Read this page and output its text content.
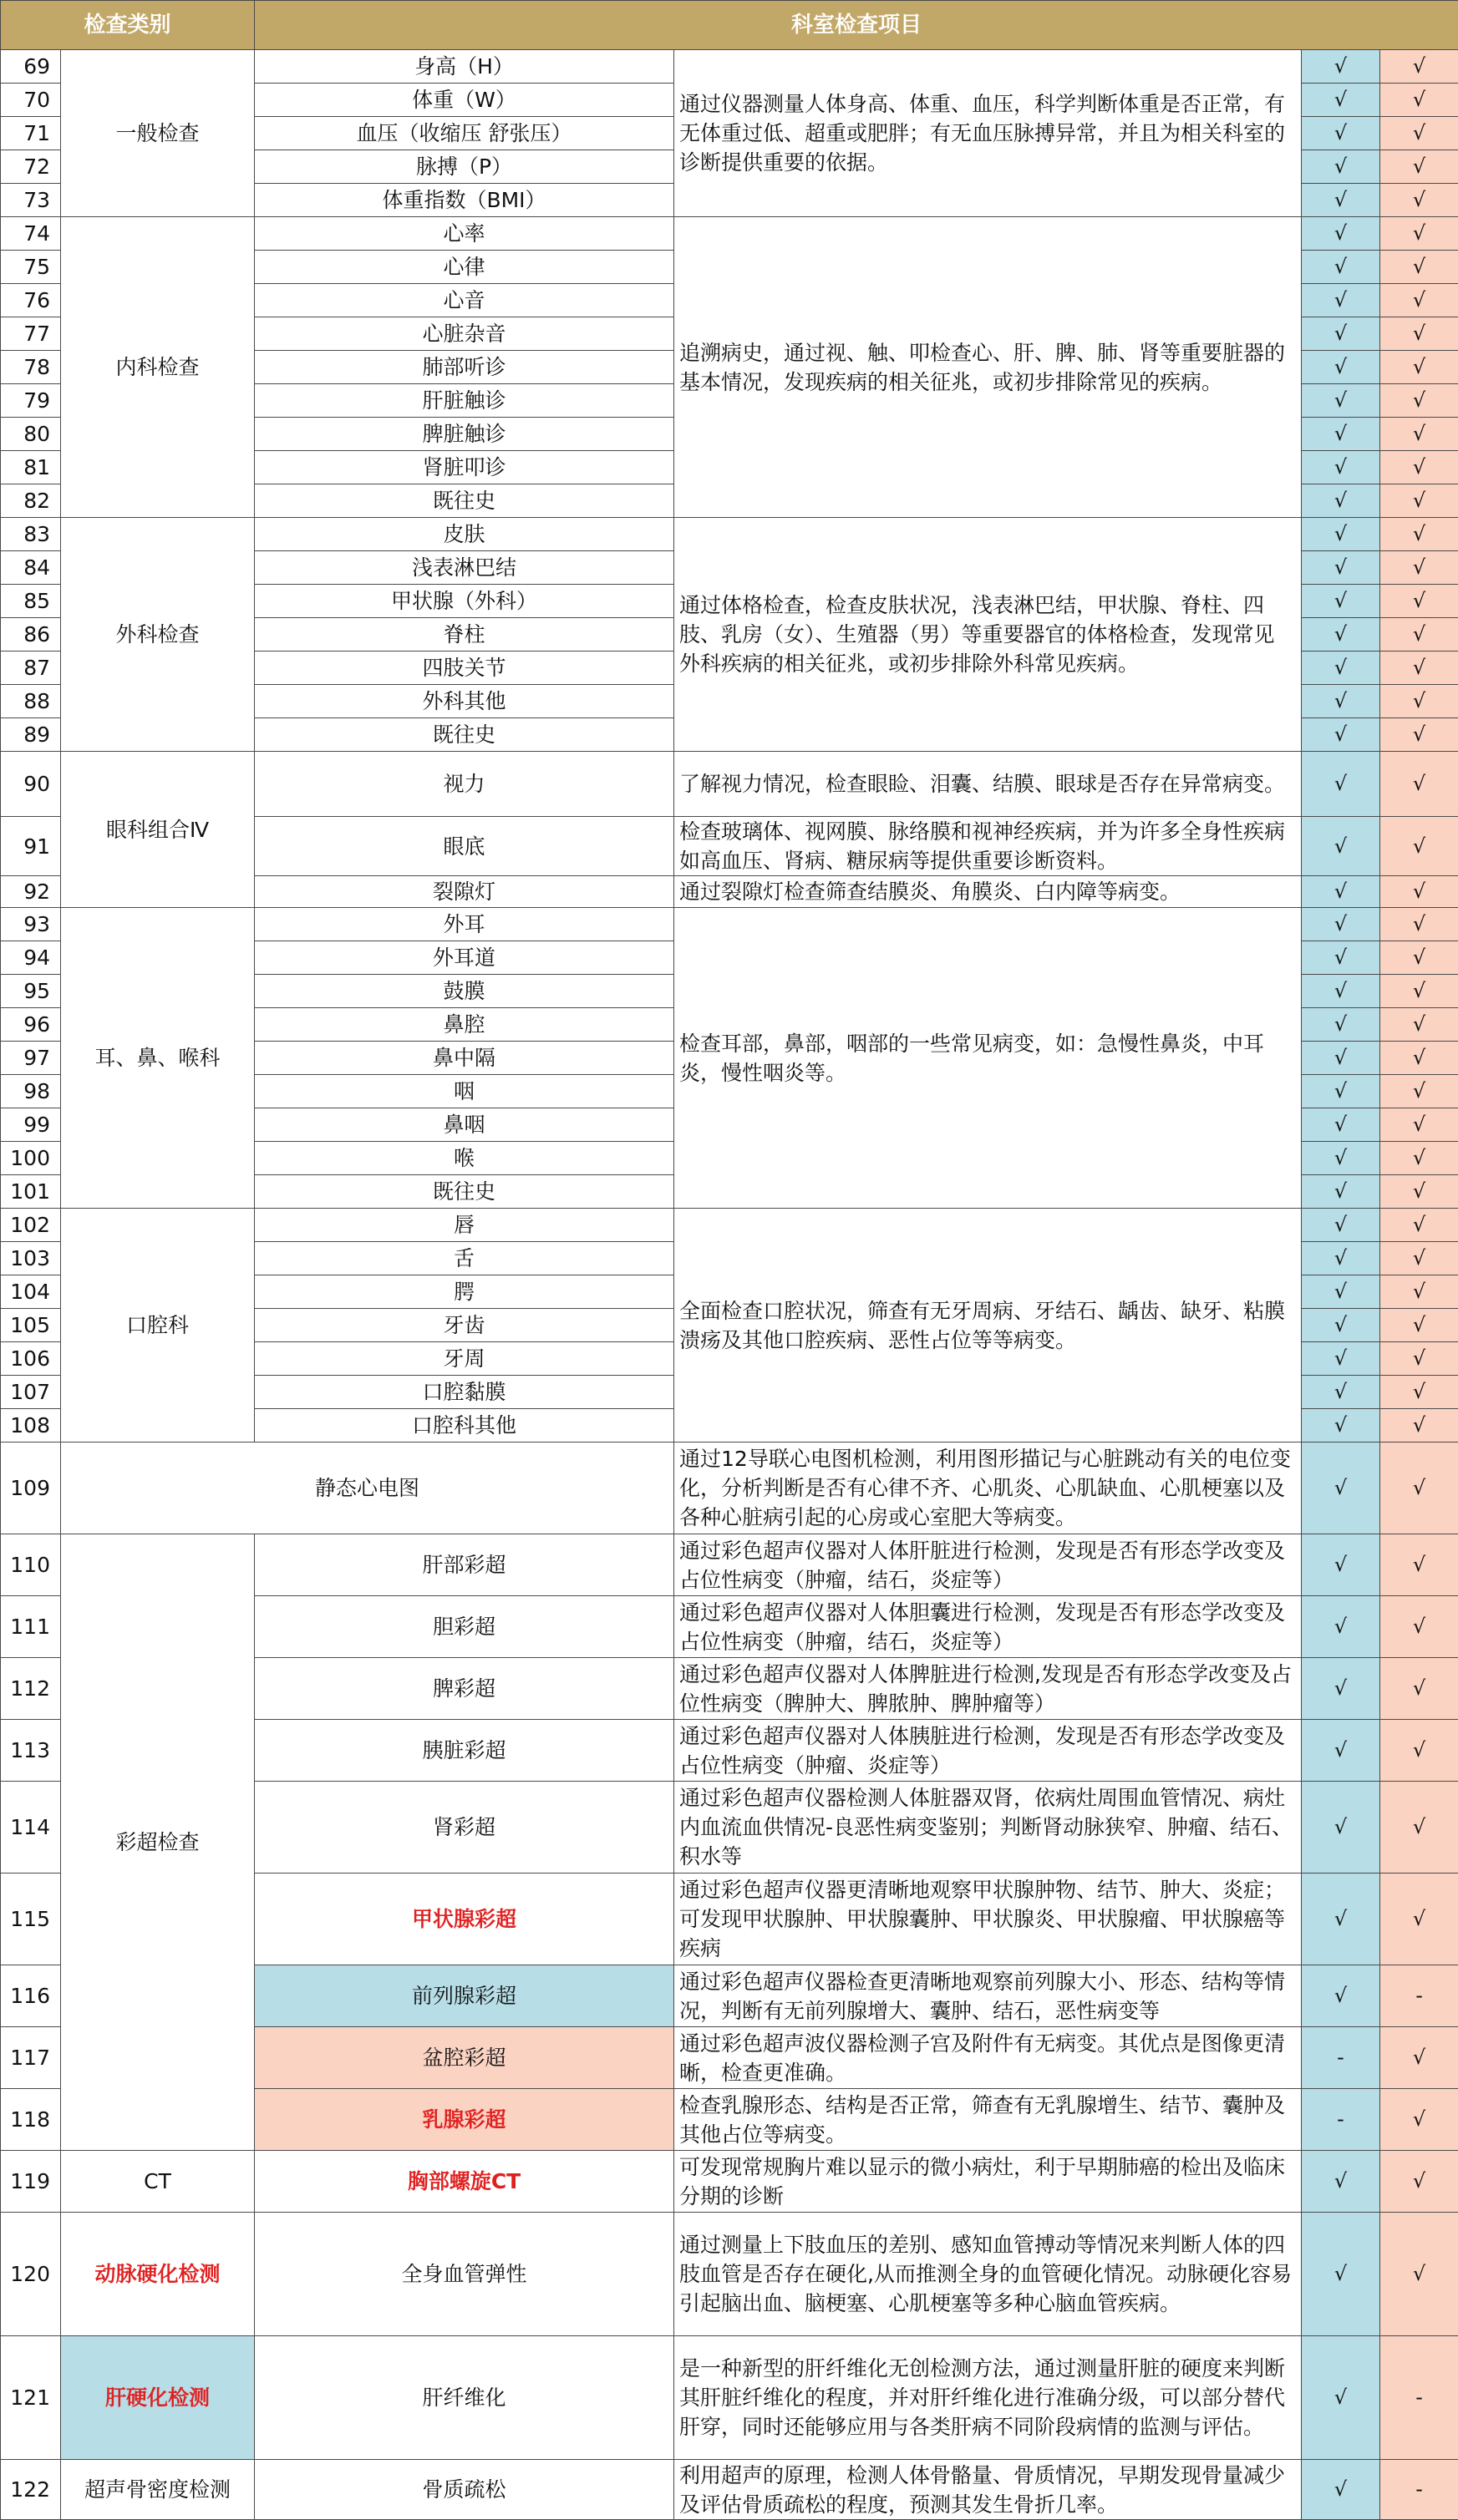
检查类别		科室检查项目			
69	一般检查	身高（H）	通过仪器测量人体身高、体重、血压，科学判断体重是否正常，有无体重过低、超重或肥胖；有无血压脉搏异常，并且为相关科室的诊断提供重要的依据。	√	√
70		体重（W）		√	√
71		血压（收缩压 舒张压）		√	√
72		脉搏（P）		√	√
73		体重指数（BMI）		√	√
74	内科检查	心率	追溯病史，通过视、触、叩检查心、肝、脾、肺、肾等重要脏器的基本情况，发现疾病的相关征兆，或初步排除常见的疾病。	√	√
75		心律		√	√
76		心音		√	√
77		心脏杂音		√	√
78		肺部听诊		√	√
79		肝脏触诊		√	√
80		脾脏触诊		√	√
81		肾脏叩诊		√	√
82		既往史		√	√
83	外科检查	皮肤	通过体格检查，检查皮肤状况，浅表淋巴结，甲状腺、脊柱、四肢、乳房（女）、生殖器（男）等重要器官的体格检查，发现常见外科疾病的相关征兆，或初步排除外科常见疾病。	√	√
84		浅表淋巴结		√	√
85		甲状腺（外科）		√	√
86		脊柱		√	√
87		四肢关节		√	√
88		外科其他		√	√
89		既往史		√	√
90	眼科组合Ⅳ	视力	了解视力情况，检查眼睑、泪囊、结膜、眼球是否存在异常病变。	√	√
91		眼底	检查玻璃体、视网膜、脉络膜和视神经疾病，并为许多全身性疾病如高血压、肾病、糖尿病等提供重要诊断资料。	√	√
92		裂隙灯	通过裂隙灯检查筛查结膜炎、角膜炎、白内障等病变。	√	√
93	耳、鼻、喉科	外耳	检查耳部，鼻部，咽部的一些常见病变，如：急慢性鼻炎，中耳炎，慢性咽炎等。	√	√
94		外耳道		√	√
95		鼓膜		√	√
96		鼻腔		√	√
97		鼻中隔		√	√
98		咽		√	√
99		鼻咽		√	√
100		喉		√	√
101		既往史		√	√
102	口腔科	唇	全面检查口腔状况，筛查有无牙周病、牙结石、龋齿、缺牙、粘膜溃疡及其他口腔疾病、恶性占位等等病变。	√	√
103		舌		√	√
104		腭		√	√
105		牙齿		√	√
106		牙周		√	√
107		口腔黏膜		√	√
108		口腔科其他		√	√
109	静态心电图		通过12导联心电图机检测，利用图形描记与心脏跳动有关的电位变化，分析判断是否有心律不齐、心肌炎、心肌缺血、心肌梗塞以及各种心脏病引起的心房或心室肥大等病变。	√	√
110	彩超检查	肝部彩超	通过彩色超声仪器对人体肝脏进行检测，发现是否有形态学改变及占位性病变（肿瘤，结石，炎症等）	√	√
111		胆彩超	通过彩色超声仪器对人体胆囊进行检测，发现是否有形态学改变及占位性病变（肿瘤，结石，炎症等）	√	√
112		脾彩超	通过彩色超声仪器对人体脾脏进行检测,发现是否有形态学改变及占位性病变（脾肿大、脾脓肿、脾肿瘤等）	√	√
113		胰脏彩超	通过彩色超声仪器对人体胰脏进行检测，发现是否有形态学改变及占位性病变（肿瘤、炎症等）	√	√
114		肾彩超	通过彩色超声仪器检测人体脏器双肾，依病灶周围血管情况、病灶内血流血供情况-良恶性病变鉴别；判断肾动脉狭窄、肿瘤、结石、积水等	√	√
115		甲状腺彩超	通过彩色超声仪器更清晰地观察甲状腺肿物、结节、肿大、炎症；可发现甲状腺肿、甲状腺囊肿、甲状腺炎、甲状腺瘤、甲状腺癌等疾病	√	√
116		前列腺彩超	通过彩色超声仪器检查更清晰地观察前列腺大小、形态、结构等情况，判断有无前列腺增大、囊肿、结石，恶性病变等	√	-
117		盆腔彩超	通过彩色超声波仪器检测子宫及附件有无病变。其优点是图像更清晰，检查更准确。	-	√
118		乳腺彩超	检查乳腺形态、结构是否正常，筛查有无乳腺增生、结节、囊肿及其他占位等病变。	-	√
119	CT	胸部螺旋CT	可发现常规胸片难以显示的微小病灶，利于早期肺癌的检出及临床分期的诊断	√	√
120	动脉硬化检测	全身血管弹性	通过测量上下肢血压的差别、感知血管搏动等情况来判断人体的四肢血管是否存在硬化,从而推测全身的血管硬化情况。动脉硬化容易引起脑出血、脑梗塞、心肌梗塞等多种心脑血管疾病。	√	√
121	肝硬化检测	肝纤维化	是一种新型的肝纤维化无创检测方法，通过测量肝脏的硬度来判断其肝脏纤维化的程度，并对肝纤维化进行准确分级，可以部分替代肝穿，同时还能够应用与各类肝病不同阶段病情的监测与评估。	√	-
122	超声骨密度检测	骨质疏松	利用超声的原理，检测人体骨骼量、骨质情况，早期发现骨量减少及评估骨质疏松的程度，预测其发生骨折几率。	√	-
